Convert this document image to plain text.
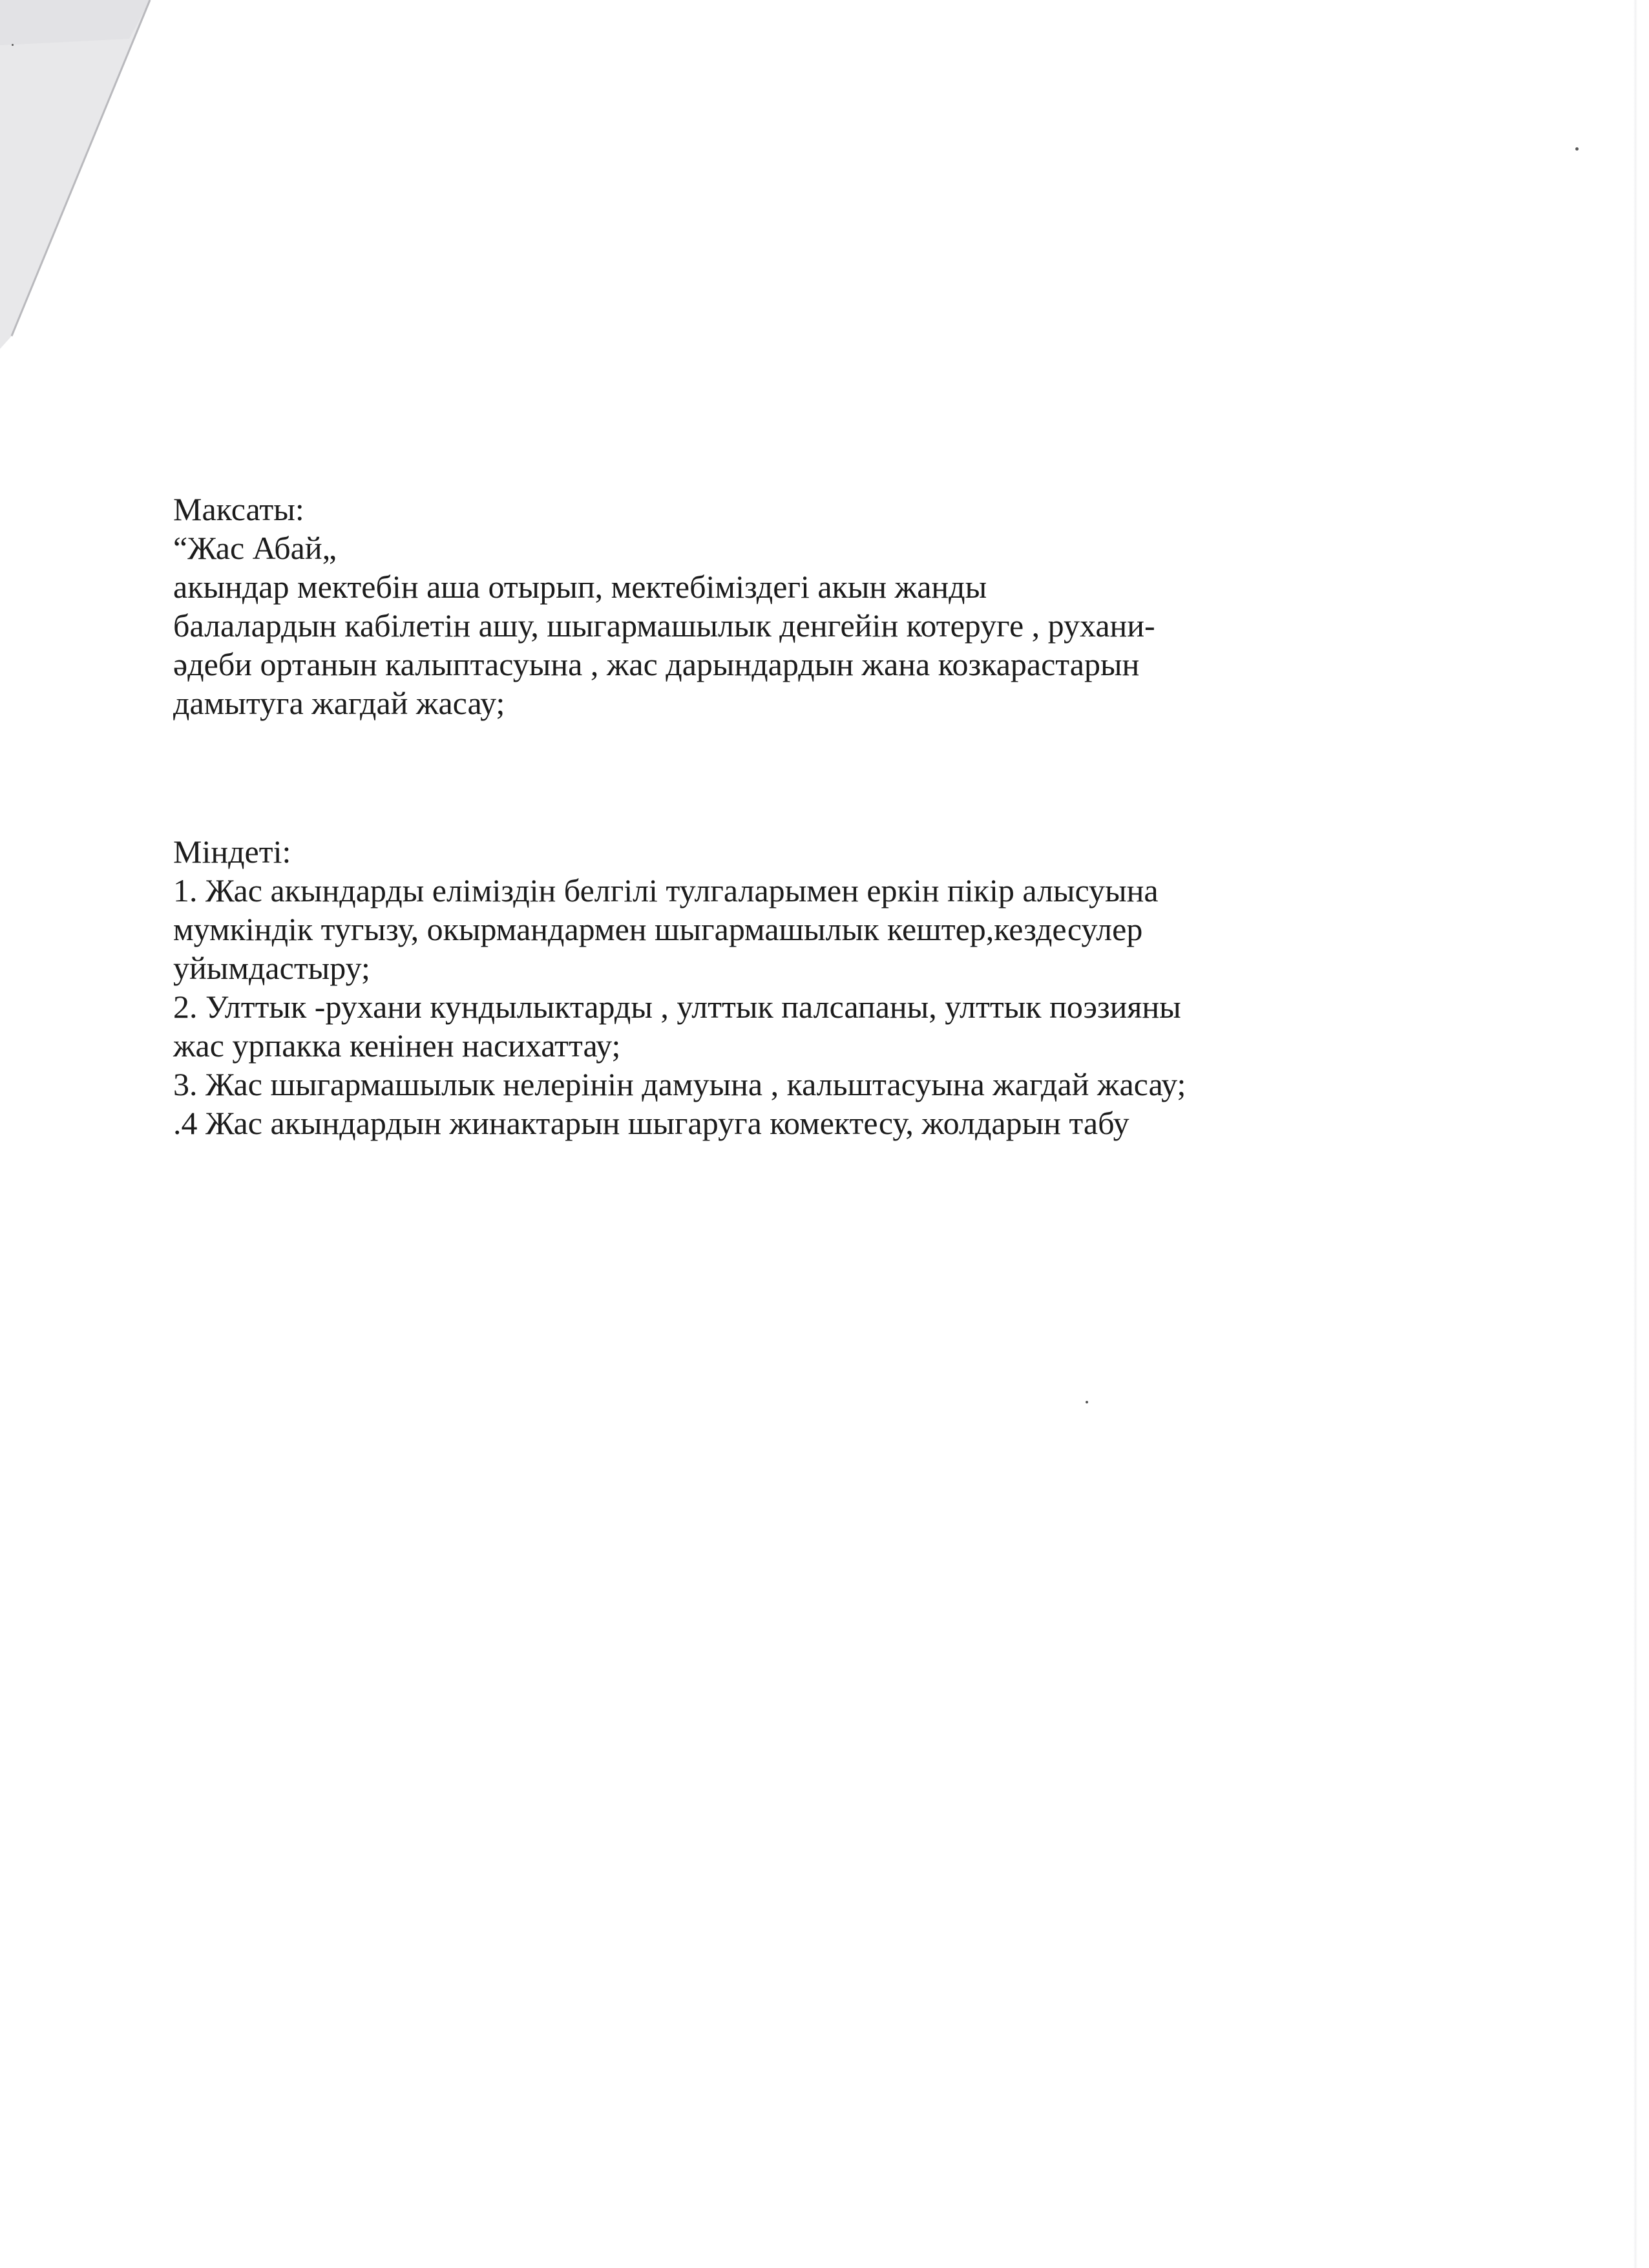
Максаты:
“Жас Абай„
акындар мектебін аша отырып, мектебіміздегі акын жанды
балалардын кабілетін ашу, шыгармашылык денгейін котеруге , рухани-
әдеби ортанын калыптасуына , жас дарындардын жана козкарастарын
дамытуга жагдай жасау;
Міндеті:
1. Жас акындарды еліміздін белгілі тулгаларымен еркін пікір алысуына
мумкіндік тугызу, окырмандармен шыгармашылык кештер,кездесулер
уйымдастыру;
2. Улттык -рухани кундылыктарды , улттык палсапаны, улттык поэзияны
жас урпакка кенінен насихаттау;
3. Жас шыгармашылык нелерінін дамуына , кальштасуына жагдай жасау;
.4 Жас акындардын жинактарын шыгаруга комектесу, жолдарын табу
